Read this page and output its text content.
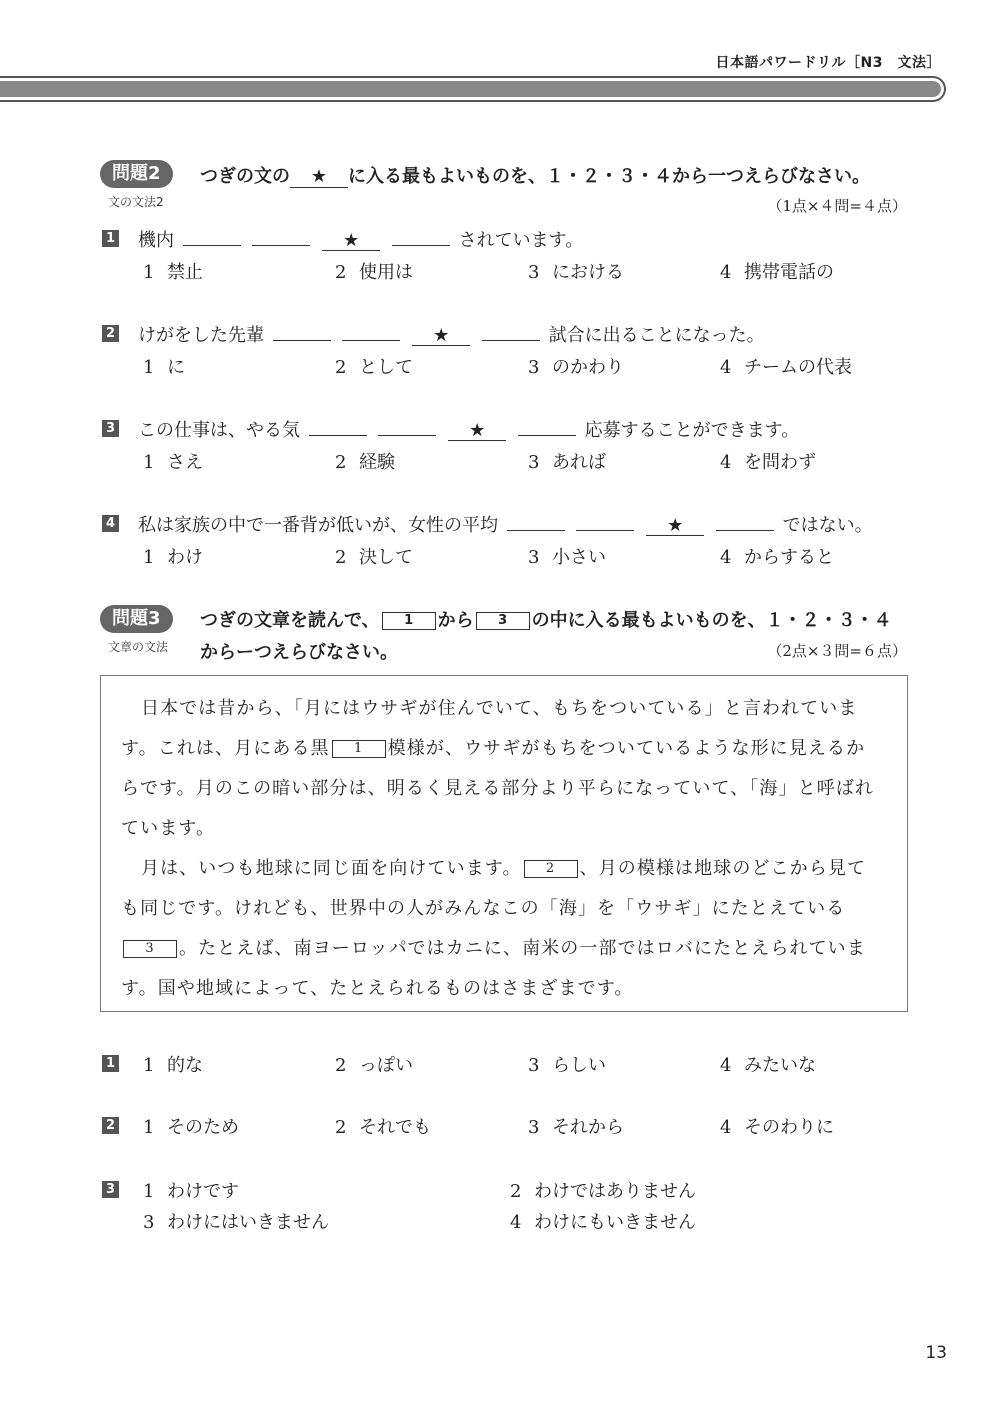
日本語パワードリル［N3　文法］
問題2	つぎの文の ★ に入る最もよいものを、１・２・３・４から一つえらびなさい。
文の文法2	（1点×４問=４点）
1 機内	★	されています。
1 禁止	2 使用は	3 における	4 携帯電話の
2 けがをした先輩	★	試合に出ることになった。
1 に	2 として	3 のかわり	4 チームの代表
3 この仕事は、やる気	★	応募することができます。
1 さえ	2 経験	3 あれば	4 を問わず
4 私は家族の中で一番背が低いが、女性の平均	★	ではない。
1 わけ	2 決して	3 小さい	4 からすると
問題3	つぎの文章を読んで、 1 から 3 の中に入る最もよいものを、１・２・３・４
文章の文法 からーつえらびなさい。	（2点×３問=６点）
日本では昔から、「月にはウサギが住んでいて、もちをついている」と言われていま
す。これは、月にある黒 1 模様が、ウサギがもちをついているような形に見えるか
らです。月のこの暗い部分は、明るく見える部分より平らになっていて、「海」と呼ばれ
ています。
月は、いつも地球に同じ面を向けています。 2 、月の模様は地球のどこから見て
も同じです。けれども、世界中の人がみんなこの「海」を「ウサギ」にたとえている
3 。たとえば、南ヨーロッパではカニに、南米の一部ではロバにたとえられていま
す。国や地域によって、たとえられるものはさまざまです。
1 1 的な	2 っぽい	3 らしい	4 みたいな
2 1 そのため	2 それでも	3 それから	4 そのわりに
3 1 わけです	2 わけではありません
3 わけにはいきません	4 わけにもいきません
13
